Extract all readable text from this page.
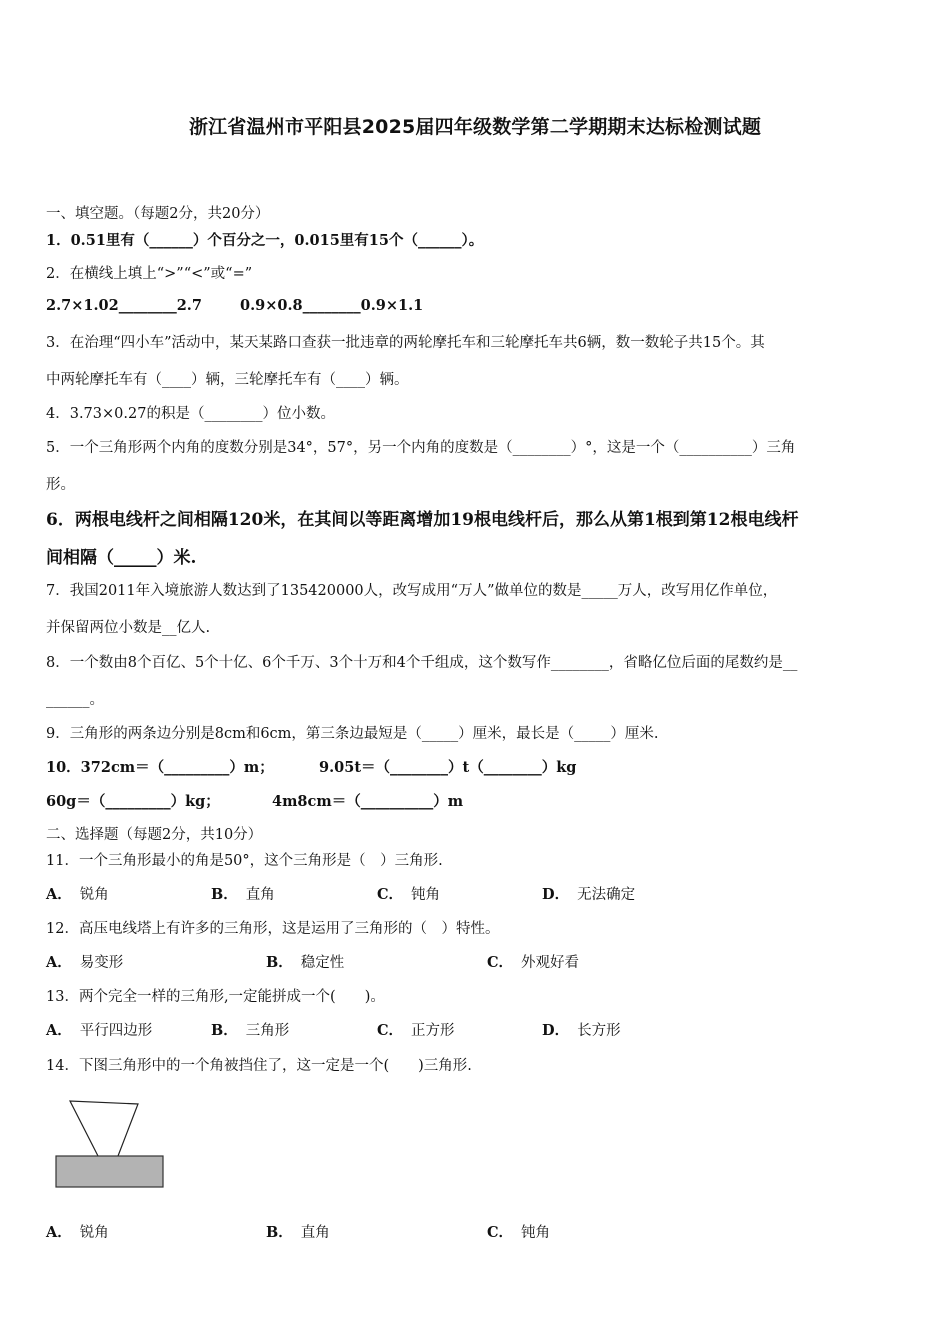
浙江省温州市平阳县2025届四年级数学第二学期期末达标检测试题
一、填空题。（每题2分，共20分）
1．0.51里有（______）个百分之一，0.015里有15个（______）。
2．在横线上填上“>”“<”或“=”
2.7×1.02________2.7	0.9×0.8________0.9×1.1
3．在治理“四小车”活动中，某天某路口查获一批违章的两轮摩托车和三轮摩托车共6辆，数一数轮子共15个。其
中两轮摩托车有（____）辆，三轮摩托车有（____）辆。
4．3.73×0.27的积是（________）位小数。
5．一个三角形两个内角的度数分别是34°，57°，另一个内角的度数是（________）°，这是一个（__________）三角
形。
6．两根电线杆之间相隔120米，在其间以等距离增加19根电线杆后，那么从第1根到第12根电线杆
间相隔（_____）米.
7．我国2011年入境旅游人数达到了135420000人，改写成用“万人”做单位的数是_____万人，改写用亿作单位，
并保留两位小数是__亿人.
8．一个数由8个百亿、5个十亿、6个千万、3个十万和4个千组成，这个数写作________，省略亿位后面的尾数约是__
______。
9．三角形的两条边分别是8cm和6cm，第三条边最短是（_____）厘米，最长是（_____）厘米.
10．372cm＝（_________）m；	9.05t＝（________）t（________）kg
60g＝（_________）kg；	4m8cm＝（__________）m
二、选择题（每题2分，共10分）
11．一个三角形最小的角是50°，这个三角形是（　）三角形.
A． 锐角	B． 直角	C． 钝角	D． 无法确定
12．高压电线塔上有许多的三角形，这是运用了三角形的（　）特性。
A． 易变形	B． 稳定性	C． 外观好看
13．两个完全一样的三角形,一定能拼成一个(　　)。
A． 平行四边形	B． 三角形	C． 正方形	D． 长方形
14．下图三角形中的一个角被挡住了，这一定是一个(　　)三角形.
A． 锐角	B． 直角	C． 钝角
